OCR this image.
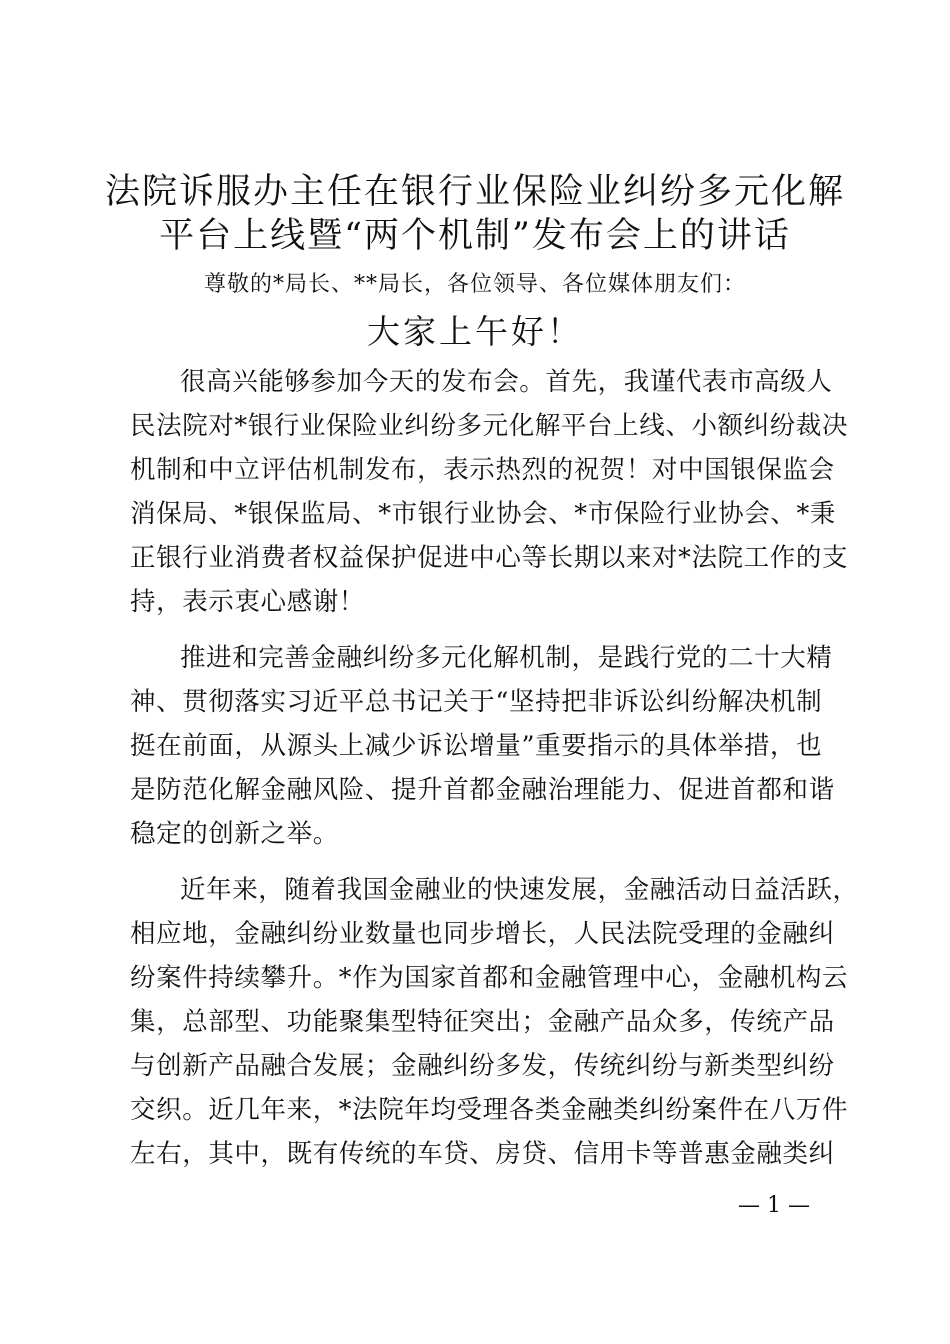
法院诉服办主任在银行业保险业纠纷多元化解
平台上线暨“两个机制”发布会上的讲话
尊敬的*局长、**局长，各位领导、各位媒体朋友们：
大家上午好！
很高兴能够参加今天的发布会。首先，我谨代表市高级人
民法院对*银行业保险业纠纷多元化解平台上线、小额纠纷裁决
机制和中立评估机制发布，表示热烈的祝贺！对中国银保监会
消保局、*银保监局、*市银行业协会、*市保险行业协会、*秉
正银行业消费者权益保护促进中心等长期以来对*法院工作的支
持，表示衷心感谢！
推进和完善金融纠纷多元化解机制，是践行党的二十大精
神、贯彻落实习近平总书记关于“坚持把非诉讼纠纷解决机制
挺在前面，从源头上减少诉讼增量”重要指示的具体举措，也
是防范化解金融风险、提升首都金融治理能力、促进首都和谐
稳定的创新之举。
近年来，随着我国金融业的快速发展，金融活动日益活跃，
相应地，金融纠纷业数量也同步增长，人民法院受理的金融纠
纷案件持续攀升。*作为国家首都和金融管理中心，金融机构云
集，总部型、功能聚集型特征突出；金融产品众多，传统产品
与创新产品融合发展；金融纠纷多发，传统纠纷与新类型纠纷
交织。近几年来，*法院年均受理各类金融类纠纷案件在八万件
左右，其中，既有传统的车贷、房贷、信用卡等普惠金融类纠
— 1 —
